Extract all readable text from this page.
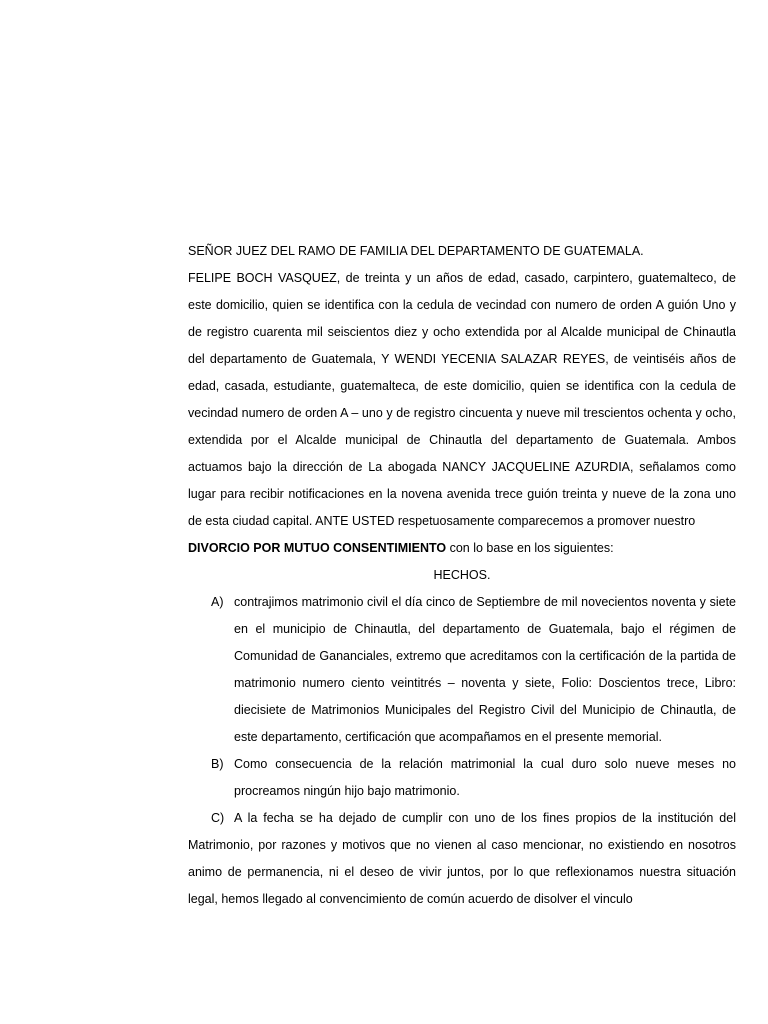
SEÑOR JUEZ DEL RAMO DE FAMILIA DEL DEPARTAMENTO DE GUATEMALA.
FELIPE BOCH VASQUEZ, de treinta y un años de edad, casado, carpintero, guatemalteco, de este domicilio, quien se identifica con la cedula de vecindad con numero de orden A guión Uno y de registro cuarenta mil seiscientos diez y ocho extendida por al Alcalde municipal de Chinautla del departamento de Guatemala, Y WENDI YECENIA SALAZAR REYES, de veintiséis años de edad, casada, estudiante, guatemalteca, de este domicilio, quien se identifica con la cedula de vecindad numero de orden A – uno y de registro cincuenta y nueve mil trescientos ochenta y ocho, extendida por el Alcalde municipal de Chinautla del departamento de Guatemala. Ambos actuamos bajo la dirección de La abogada NANCY JACQUELINE AZURDIA, señalamos como lugar para recibir notificaciones en la novena avenida trece guión treinta y nueve de la zona uno de esta ciudad capital. ANTE USTED respetuosamente comparecemos a promover nuestro
DIVORCIO POR MUTUO CONSENTIMIENTO con lo base en los siguientes:
HECHOS.
A) contrajimos matrimonio civil el día cinco de Septiembre de mil novecientos noventa y siete en el municipio de Chinautla, del departamento de Guatemala, bajo el régimen de Comunidad de Gananciales, extremo que acreditamos con la certificación de la partida de matrimonio numero ciento veintitrés – noventa y siete, Folio: Doscientos trece, Libro: diecisiete de Matrimonios Municipales del Registro Civil del Municipio de Chinautla, de este departamento, certificación que acompañamos en el presente memorial.
B) Como consecuencia de la relación matrimonial la cual duro solo nueve meses no procreamos ningún hijo bajo matrimonio.
C) A la fecha se ha dejado de cumplir con uno de los fines propios de la institución del Matrimonio, por razones y motivos que no vienen al caso mencionar, no existiendo en nosotros animo de permanencia, ni el deseo de vivir juntos, por lo que reflexionamos nuestra situación legal, hemos llegado al convencimiento de común acuerdo de disolver el vinculo
